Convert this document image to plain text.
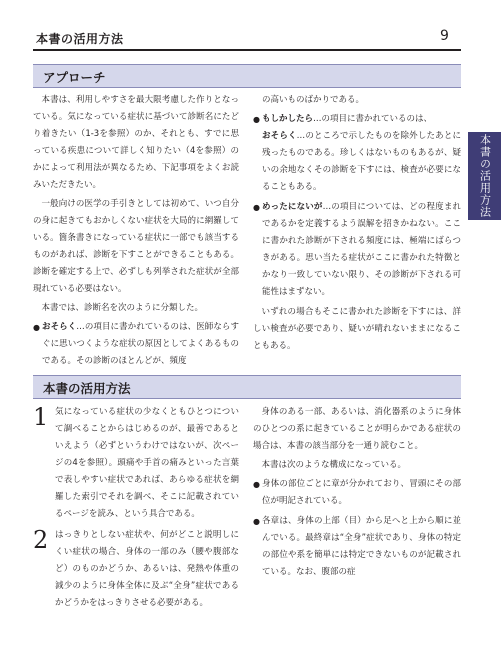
本書の活用方法	9
本書の活用方法
アプローチ

本書は、利用しやすさを最大限考慮した作りとなっている。気になっている症状に基づいて診断名にたどり着きたい（1-3を参照）のか、それとも、すでに思っている疾患について詳しく知りたい（4を参照）のかによって利用法が異なるため、下記事項をよくお読みいただきたい。

一般向けの医学の手引きとしては初めて、いつ自分の身に起きてもおかしくない症状を大局的に網羅している。箇条書きになっている症状に一部でも該当するものがあれば、診断を下すことができることもある。診断を確定する上で、必ずしも列挙された症状が全部現れている必要はない。

本書では、診断名を次のように分類した。

● おそらく…の項目に書かれているのは、医師ならすぐに思いつくような症状の原因としてよくあるものである。その診断のほとんどが、頻度

の高いものばかりである。

● もしかしたら…の項目に書かれているのは、
おそらく…のところで示したものを除外したあとに残ったものである。珍しくはないものもあるが、疑いの余地なくその診断を下すには、検査が必要になることもある。
● めったにないが…の項目については、どの程度まれであるかを定義するよう誤解を招きかねない。ここに書かれた診断が下される頻度には、極端にばらつきがある。思い当たる症状がここに書かれた特徴とかなり一致していない限り、その診断が下される可能性はまずない。

いずれの場合もそこに書かれた診断を下すには、詳しい検査が必要であり、疑いが晴れないままになることもある。

本書の活用方法
1 気になっている症状の少なくともひとつについて調べることからはじめるのが、最善であるといえよう（必ずというわけではないが、次ページの4を参照）。頭痛や手首の痛みといった言葉で表しやすい症状であれば、あらゆる症状を網羅した索引でそれを調べ、そこに記載されているページを読み、という具合である。
2 はっきりとしない症状や、何がどこと説明しにくい症状の場合、身体の一部のみ（腰や腹部など）のものかどうか、あるいは、発熱や体重の減少のように身体全体に及ぶ“全身”症状であるかどうかをはっきりさせる必要がある。

身体のある一部、あるいは、消化器系のように身体のひとつの系に起きていることが明らかである症状の場合は、本書の該当部分を一通り読むこと。

本書は次のような構成になっている。

● 身体の部位ごとに章が分かれており、冒頭にその部位が明記されている。
● 各章は、身体の上部（目）から足へと上から順に並んでいる。最終章は“全身”症状であり、身体の特定の部位や系を簡単には特定できないものが記載されている。なお、腹部の症
